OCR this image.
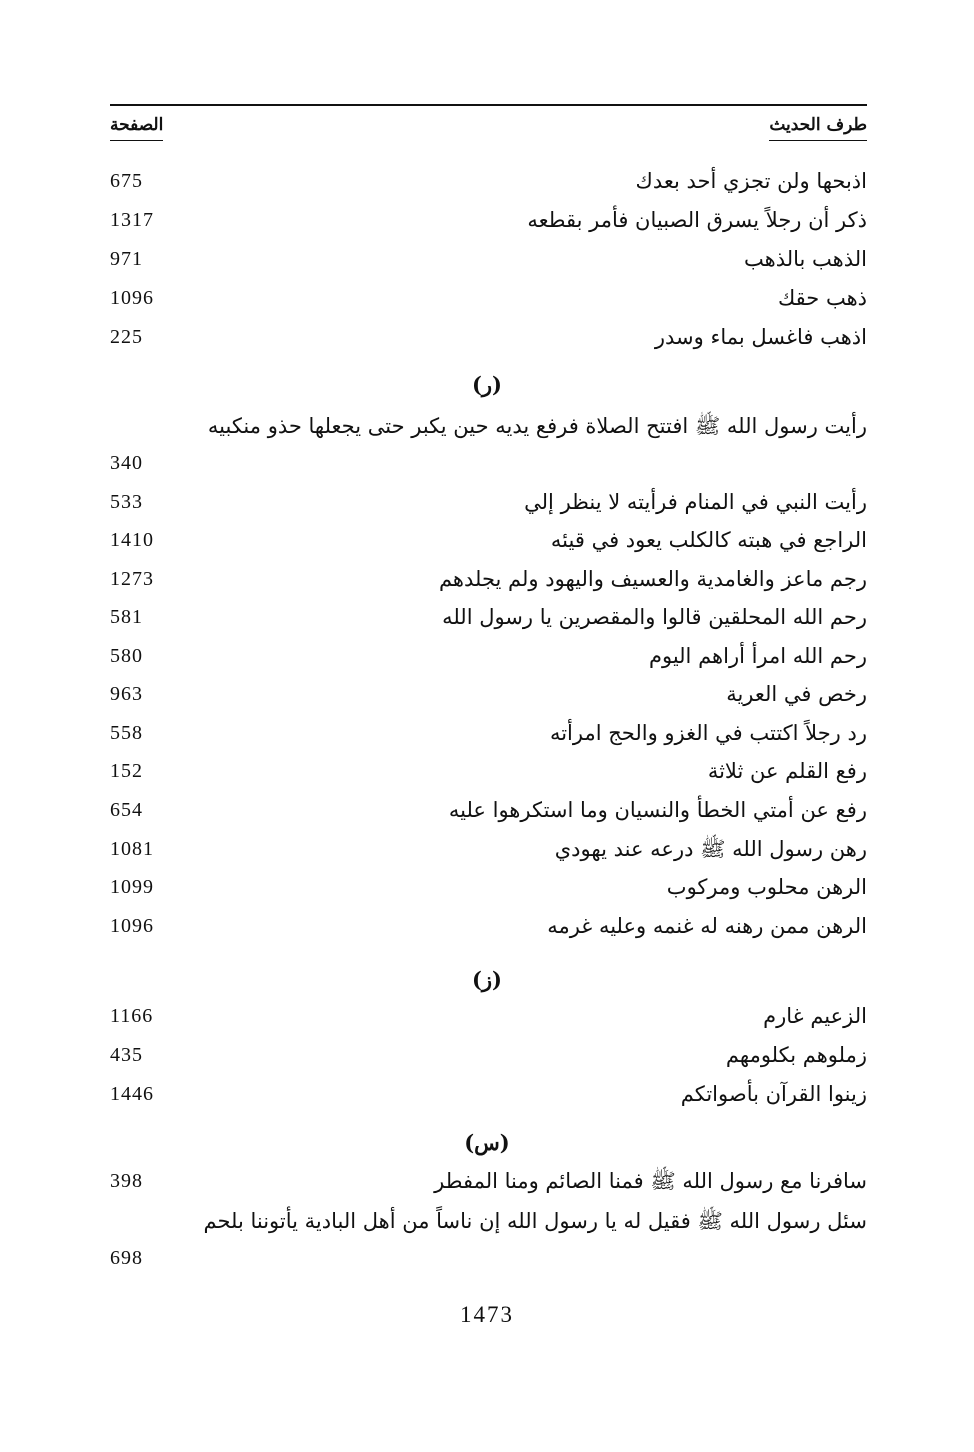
طرف الحديث
الصفحة
اذبحها ولن تجزي أحد بعدك
675
ذكر أن رجلاً يسرق الصبيان فأمر بقطعه
1317
الذهب بالذهب
971
ذهب حقك
1096
اذهب فاغسل بماء وسدر
225
(ر)
رأيت رسول الله ﷺ افتتح الصلاة فرفع يديه حين يكبر حتى يجعلها حذو منكبيه
340
رأيت النبي في المنام فرأيته لا ينظر إلي
533
الراجع في هبته كالكلب يعود في قيئه
1410
رجم ماعز والغامدية والعسيف واليهود ولم يجلدهم
1273
رحم الله المحلقين قالوا والمقصرين يا رسول الله
581
رحم الله امرأ أراهم اليوم
580
رخص في العرية
963
رد رجلاً اكتتب في الغزو والحج امرأته
558
رفع القلم عن ثلاثة
152
رفع عن أمتي الخطأ والنسيان وما استكرهوا عليه
654
رهن رسول الله ﷺ درعه عند يهودي
1081
الرهن محلوب ومركوب
1099
الرهن ممن رهنه له غنمه وعليه غرمه
1096
(ز)
الزعيم غارم
1166
زملوهم بكلومهم
435
زينوا القرآن بأصواتكم
1446
(س)
سافرنا مع رسول الله ﷺ فمنا الصائم ومنا المفطر
398
سئل رسول الله ﷺ فقيل له يا رسول الله إن ناساً من أهل البادية يأتوننا بلحم
698
1473
